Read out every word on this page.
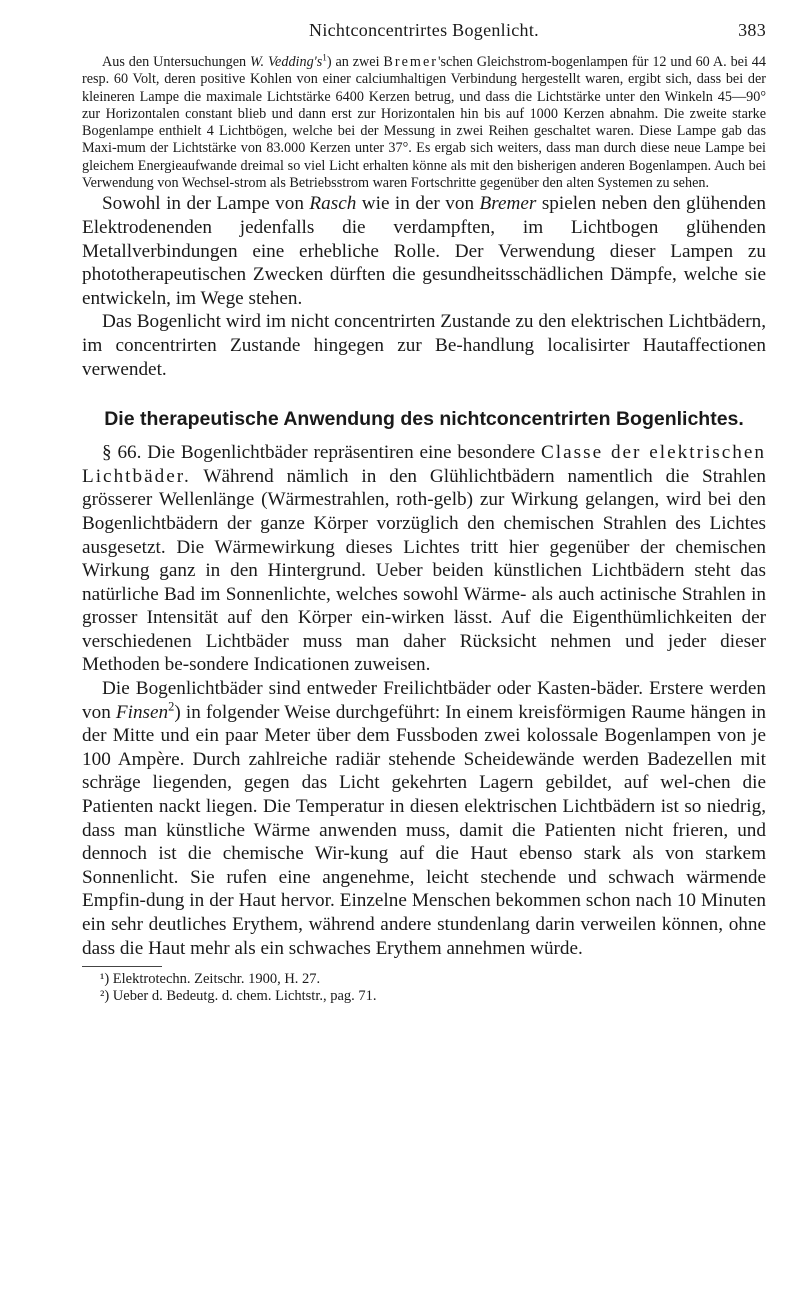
Nichtconcentrirtes Bogenlicht.	383

Aus den Untersuchungen W. $Vedding's^1$) an zwei Bremer'schen Gleichstrom-bogenlampen für 12 und 60 A. bei 44 resp. 60 Volt, deren positive Kohlen von einer calciumhaltigen Verbindung hergestellt waren, ergibt sich, dass bei der kleineren Lampe die maximale Lichtstärke 6400 Kerzen betrug, und dass die Lichtstärke unter den Winkeln 45—90° zur Horizontalen constant blieb und dann erst zur Horizontalen hin bis auf 1000 Kerzen abnahm. Die zweite starke Bogenlampe enthielt 4 Lichtbögen, welche bei der Messung in zwei Reihen geschaltet waren. Diese Lampe gab das Maxi-mum der Lichtstärke von 83.000 Kerzen unter 37°. Es ergab sich weiters, dass man durch diese neue Lampe bei gleichem Energieaufwande dreimal so viel Licht erhalten könne als mit den bisherigen anderen Bogenlampen. Auch bei Verwendung von Wechsel-strom als Betriebsstrom waren Fortschritte gegenüber den alten Systemen zu sehen.

Sowohl in der Lampe von Rasch wie in der von Bremer spielen neben den glühenden Elektrodenenden jedenfalls die verdampften, im Lichtbogen glühenden Metallverbindungen eine erhebliche Rolle. Der Verwendung dieser Lampen zu phototherapeutischen Zwecken dürften die gesundheitsschädlichen Dämpfe, welche sie entwickeln, im Wege stehen.

Das Bogenlicht wird im nicht concentrirten Zustande zu den elektrischen Lichtbädern, im concentrirten Zustande hingegen zur Be-handlung localisirter Hautaffectionen verwendet.

Die therapeutische Anwendung des nichtconcentrirten Bogenlichtes.

§ 66. Die Bogenlichtbäder repräsentiren eine besondere Classe der elektrischen Lichtbäder. Während nämlich in den Glühlichtbädern namentlich die Strahlen grösserer Wellenlänge (Wärmestrahlen, roth-gelb) zur Wirkung gelangen, wird bei den Bogenlichtbädern der ganze Körper vorzüglich den chemischen Strahlen des Lichtes ausgesetzt. Die Wärmewirkung dieses Lichtes tritt hier gegenüber der chemischen Wirkung ganz in den Hintergrund. Ueber beiden künstlichen Lichtbädern steht das natürliche Bad im Sonnenlichte, welches sowohl Wärme- als auch actinische Strahlen in grosser Intensität auf den Körper ein-wirken lässt. Auf die Eigenthümlichkeiten der verschiedenen Lichtbäder muss man daher Rücksicht nehmen und jeder dieser Methoden be-sondere Indicationen zuweisen.

Die Bogenlichtbäder sind entweder Freilichtbäder oder Kasten-bäder. Erstere werden von Finsen$^2$) in folgender Weise durchgeführt: In einem kreisförmigen Raume hängen in der Mitte und ein paar Meter über dem Fussboden zwei kolossale Bogenlampen von je 100 Ampère. Durch zahlreiche radiär stehende Scheidewände werden Badezellen mit schräge liegenden, gegen das Licht gekehrten Lagern gebildet, auf wel-chen die Patienten nackt liegen. Die Temperatur in diesen elektrischen Lichtbädern ist so niedrig, dass man künstliche Wärme anwenden muss, damit die Patienten nicht frieren, und dennoch ist die chemische Wir-kung auf die Haut ebenso stark als von starkem Sonnenlicht. Sie rufen eine angenehme, leicht stechende und schwach wärmende Empfin-dung in der Haut hervor. Einzelne Menschen bekommen schon nach 10 Minuten ein sehr deutliches Erythem, während andere stundenlang darin verweilen können, ohne dass die Haut mehr als ein schwaches Erythem annehmen würde.

¹) Elektrotechn. Zeitschr. 1900, H. 27.
²) Ueber d. Bedeutg. d. chem. Lichtstr., pag. 71.
